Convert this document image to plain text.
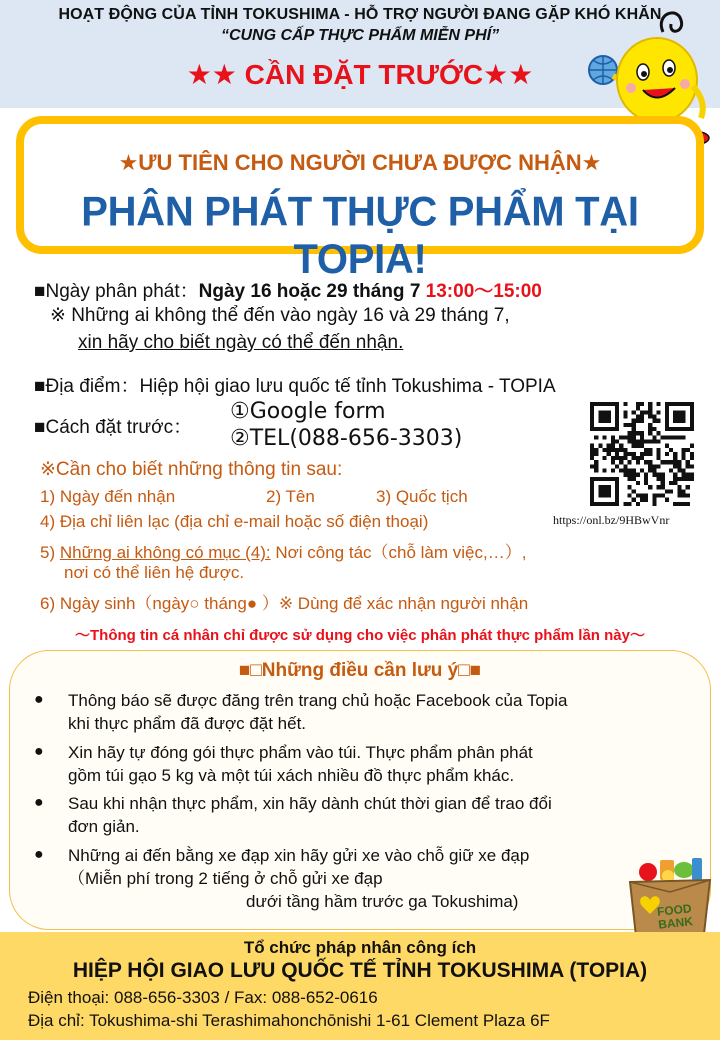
HOẠT ĐỘNG CỦA TỈNH TOKUSHIMA - HỖ TRỢ NGƯỜI ĐANG GẶP KHÓ KHĂN
“CUNG CẤP THỰC PHẨM MIỄN PHÍ”
★★ CẦN ĐẶT TRƯỚC★★
★ƯU TIÊN CHO NGƯỜI CHƯA ĐƯỢC NHẬN★
PHÂN PHÁT THỰC PHẨM TẠI TOPIA!
■Ngày phân phát：Ngày 16 hoặc 29 tháng 7 13:00～15:00
※ Những ai không thể đến vào ngày 16 và 29 tháng 7,
xin hãy cho biết ngày có thể đến nhận.
■Địa điểm：Hiệp hội giao lưu quốc tế tỉnh Tokushima - TOPIA
■Cách đặt trước：
①Google form
②TEL(088-656-3303)
https://onl.bz/9HBwVnr
※Cần cho biết những thông tin sau:
1) Ngày đến nhận	2) Tên	3) Quốc tịch
4) Địa chỉ liên lạc (địa chỉ e-mail hoặc số điện thoại)
5) Những ai không có mục (4): Nơi công tác（chỗ làm việc,…）,
nơi có thể liên hệ được.
6) Ngày sinh（ngày○ tháng● ）※ Dùng để xác nhận người nhận
～Thông tin cá nhân chỉ được sử dụng cho việc phân phát thực phẩm lần này～
■□Những điều cần lưu ý□■
● Thông báo sẽ được đăng trên trang chủ hoặc Facebook của Topia
khi thực phẩm đã được đặt hết.
● Xin hãy tự đóng gói thực phẩm vào túi. Thực phẩm phân phát
gồm túi gạo 5 kg và một túi xách nhiều đồ thực phẩm khác.
● Sau khi nhận thực phẩm, xin hãy dành chút thời gian để trao đổi
đơn giản.
● Những ai đến bằng xe đạp xin hãy gửi xe vào chỗ giữ xe đạp
（Miễn phí trong 2 tiếng ở chỗ gửi xe đạp
dưới tầng hầm trước ga Tokushima)	FOOD BANK
Tổ chức pháp nhân công ích
HIỆP HỘI GIAO LƯU QUỐC TẾ TỈNH TOKUSHIMA (TOPIA)
Điện thoại: 088-656-3303 / Fax: 088-652-0616
Địa chỉ: Tokushima-shi Terashimahonchōnishi 1-61 Clement Plaza 6F
